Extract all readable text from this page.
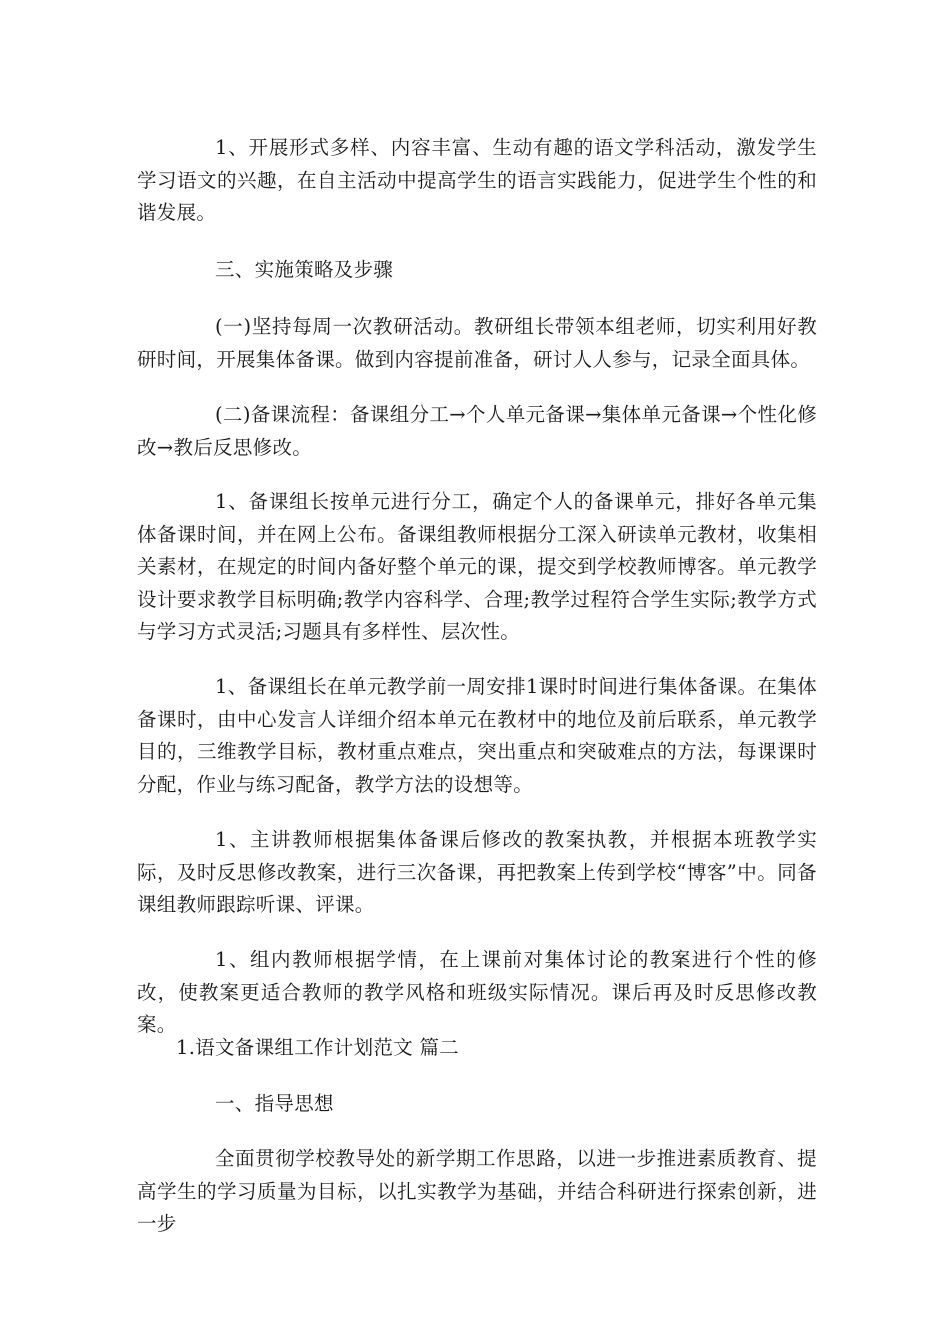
1、开展形式多样、内容丰富、生动有趣的语文学科活动，激发学生学习语文的兴趣，在自主活动中提高学生的语言实践能力，促进学生个性的和谐发展。

三、实施策略及步骤

(一)坚持每周一次教研活动。教研组长带领本组老师，切实利用好教研时间，开展集体备课。做到内容提前准备，研讨人人参与，记录全面具体。

(二)备课流程：备课组分工→个人单元备课→集体单元备课→个性化修改→教后反思修改。

1、备课组长按单元进行分工，确定个人的备课单元，排好各单元集体备课时间，并在网上公布。备课组教师根据分工深入研读单元教材，收集相关素材，在规定的时间内备好整个单元的课，提交到学校教师博客。单元教学设计要求教学目标明确;教学内容科学、合理;教学过程符合学生实际;教学方式与学习方式灵活;习题具有多样性、层次性。

1、备课组长在单元教学前一周安排1课时时间进行集体备课。在集体备课时，由中心发言人详细介绍本单元在教材中的地位及前后联系，单元教学目的，三维教学目标，教材重点难点，突出重点和突破难点的方法，每课课时分配，作业与练习配备，教学方法的设想等。

1、主讲教师根据集体备课后修改的教案执教，并根据本班教学实际，及时反思修改教案，进行三次备课，再把教案上传到学校“博客”中。同备课组教师跟踪听课、评课。

1、组内教师根据学情，在上课前对集体讨论的教案进行个性的修改，使教案更适合教师的教学风格和班级实际情况。课后再及时反思修改教案。

1.语文备课组工作计划范文 篇二

一、指导思想

全面贯彻学校教导处的新学期工作思路，以进一步推进素质教育、提高学生的学习质量为目标，以扎实教学为基础，并结合科研进行探索创新，进一步
